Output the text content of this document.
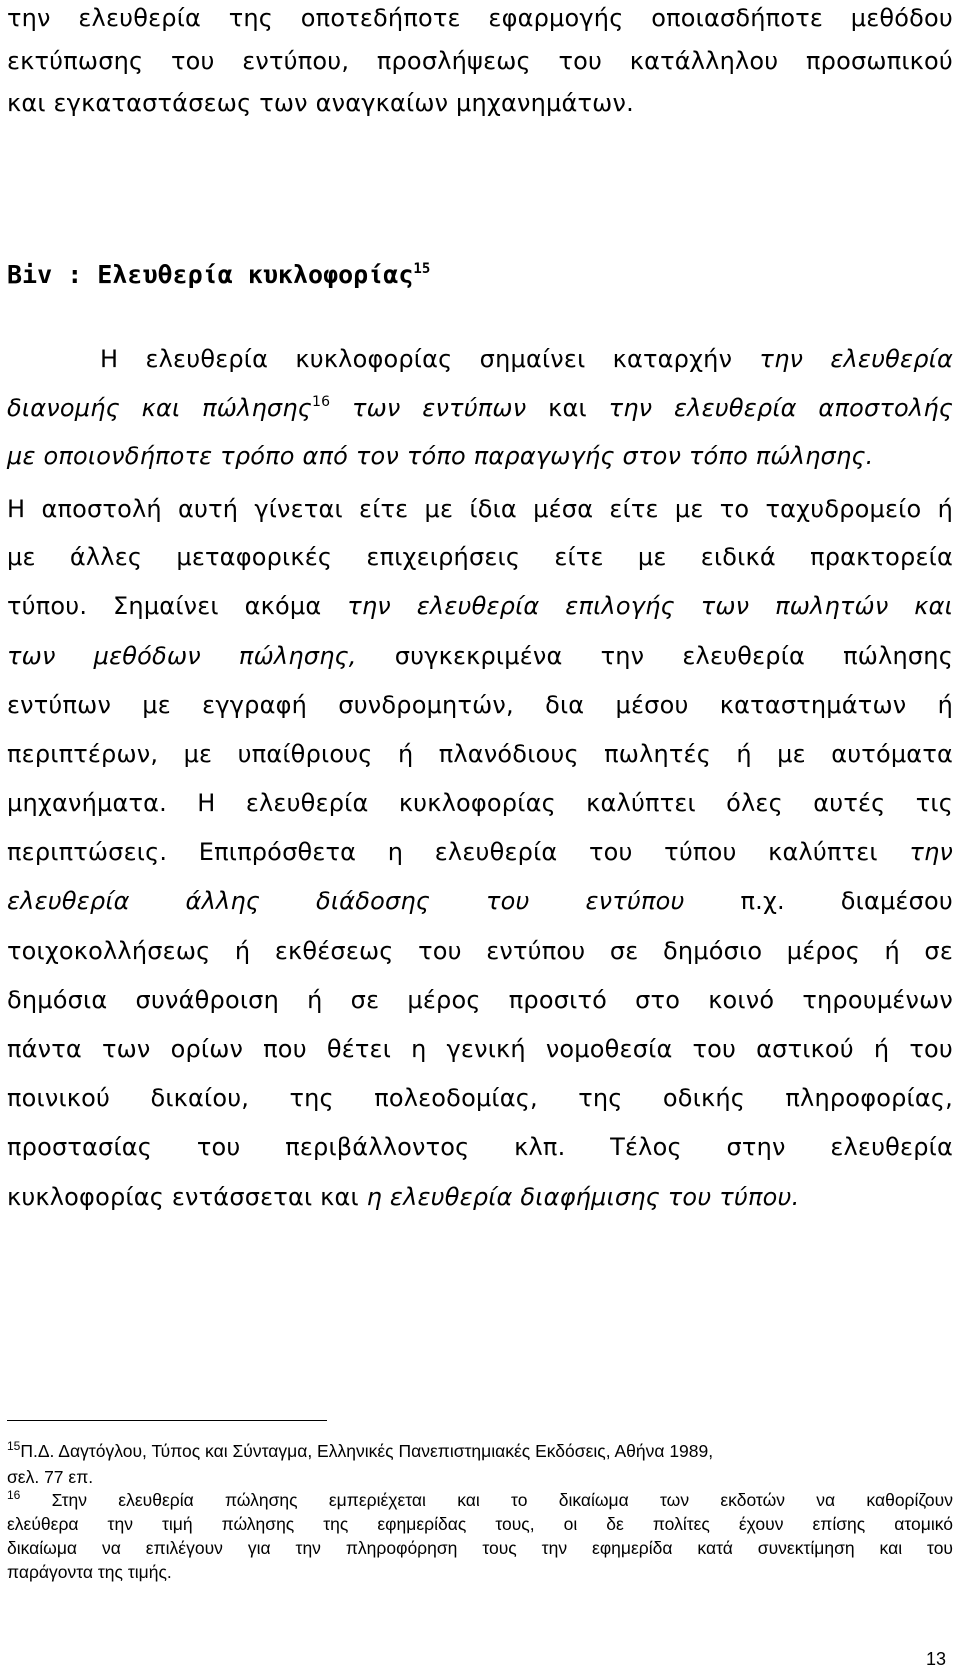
την ελευθερία της οποτεδήποτε εφαρμογής οποιασδήποτε μεθόδου
εκτύπωσης του εντύπου, προσλήψεως του κατάλληλου προσωπικού
και εγκαταστάσεως των αναγκαίων μηχανημάτων.
Βiv : Ελευθερία κυκλοφορίας$^{15}$
Η ελευθερία κυκλοφορίας σημαίνει καταρχήν την ελευθερία
διανομής και πώλησης$^{16}$ των εντύπων και την ελευθερία αποστολής
με οποιονδήποτε τρόπο από τον τόπο παραγωγής στον τόπο πώλησης.
Η αποστολή αυτή γίνεται είτε με ίδια μέσα είτε με το ταχυδρομείο ή
με άλλες μεταφορικές επιχειρήσεις είτε με ειδικά πρακτορεία
τύπου. Σημαίνει ακόμα την ελευθερία επιλογής των πωλητών και
των μεθόδων πώλησης, συγκεκριμένα την ελευθερία πώλησης
εντύπων με εγγραφή συνδρομητών, δια μέσου καταστημάτων ή
περιπτέρων, με υπαίθριους ή πλανόδιους πωλητές ή με αυτόματα
μηχανήματα. Η ελευθερία κυκλοφορίας καλύπτει όλες αυτές τις
περιπτώσεις. Επιπρόσθετα η ελευθερία του τύπου καλύπτει την
ελευθερία άλλης διάδοσης του εντύπου π.χ. διαμέσου
τοιχοκολλήσεως ή εκθέσεως του εντύπου σε δημόσιο μέρος ή σε
δημόσια συνάθροιση ή σε μέρος προσιτό στο κοινό τηρουμένων
πάντα των ορίων που θέτει η γενική νομοθεσία του αστικού ή του
ποινικού δικαίου, της πολεοδομίας, της οδικής πληροφορίας,
προστασίας του περιβάλλοντος κλπ. Τέλος στην ελευθερία
κυκλοφορίας εντάσσεται και η ελευθερία διαφήμισης του τύπου.
$^{15}$Π.Δ. Δαγτόγλου, Τύπος και Σύνταγμα, Ελληνικές Πανεπιστημιακές Εκδόσεις, Αθήνα 1989,
σελ. 77 επ.
$^{16}$ Στην ελευθερία πώλησης εμπεριέχεται και το δικαίωμα των εκδοτών να καθορίζουν
ελεύθερα την τιμή πώλησης της εφημερίδας τους, οι δε πολίτες έχουν επίσης ατομικό
δικαίωμα να επιλέγουν για την πληροφόρηση τους την εφημερίδα κατά συνεκτίμηση και του
παράγοντα της τιμής.
13
